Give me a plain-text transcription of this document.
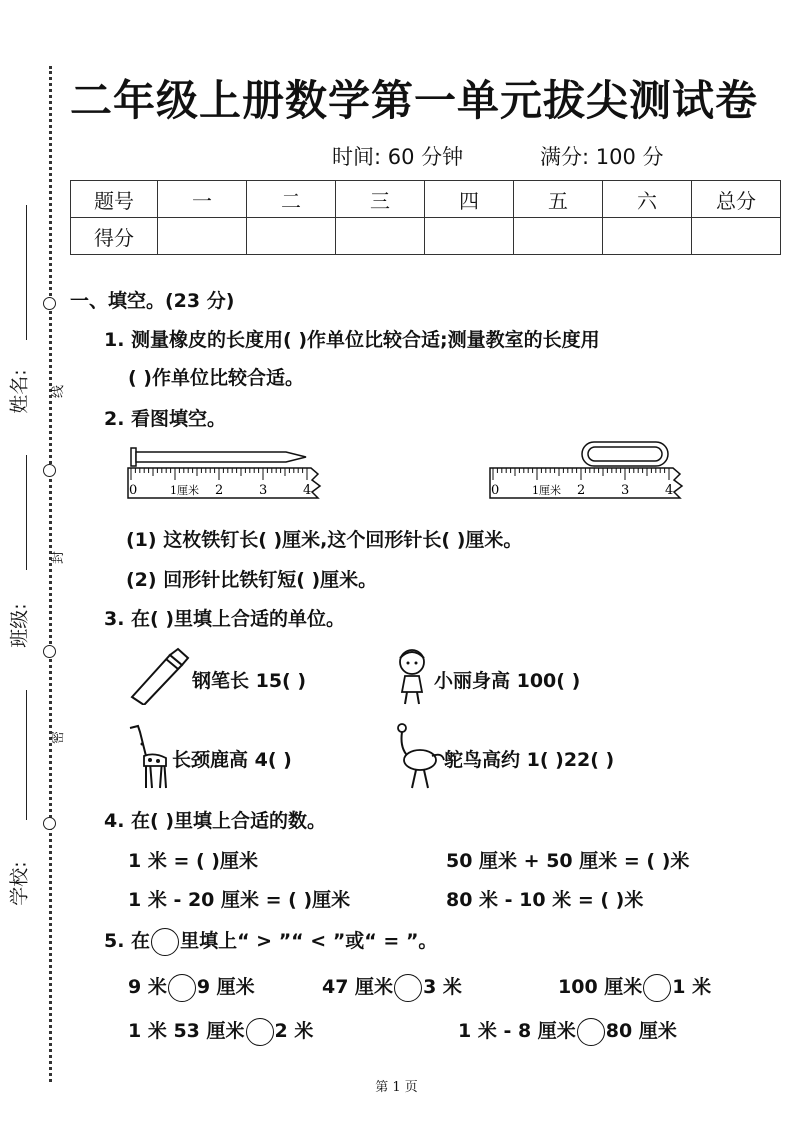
线
封
密
姓名:
班级:
学校:
二年级上册数学第一单元拔尖测试卷
时间: 60 分钟	满分: 100 分
题号	一	二	三	四	五	六	总分
得分							
一、填空。(23 分)
1. 测量橡皮的长度用( )作单位比较合适;测量教室的长度用
( )作单位比较合适。
2. 看图填空。
0	1厘米 2	3	4	0	1厘米 2	3	4
(1) 这枚铁钉长( )厘米,这个回形针长( )厘米。
(2) 回形针比铁钉短( )厘米。
3. 在( )里填上合适的单位。
钢笔长 15( )	小丽身高 100( )
长颈鹿高 4( )	鸵鸟高约 1( )22( )
4. 在( )里填上合适的数。
1 米 = ( )厘米	50 厘米 + 50 厘米 = ( )米
1 米 - 20 厘米 = ( )厘米	80 米 - 10 米 = ( )米
5. 在 里填上“ > ”“ < ”或“ = ”。
9 米 9 厘米	47 厘米 3 米	100 厘米 1 米
1 米 53 厘米 2 米	1 米 - 8 厘米 80 厘米
第 1 页
